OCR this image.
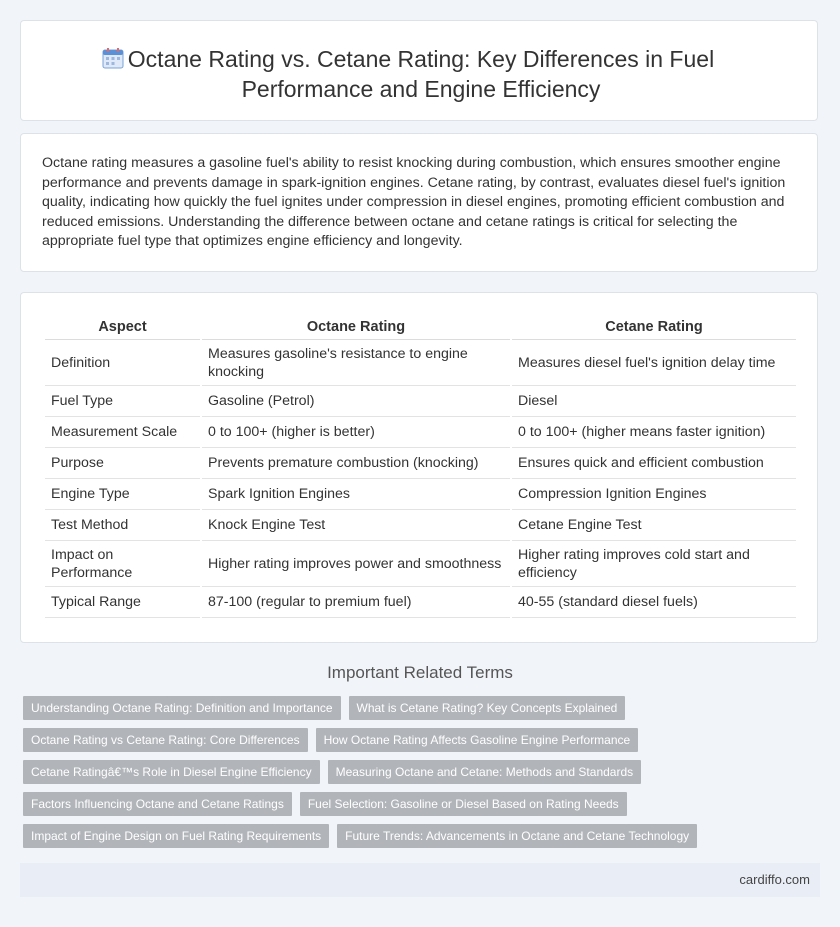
Octane Rating vs. Cetane Rating: Key Differences in Fuel Performance and Engine Efficiency

Octane rating measures a gasoline fuel's ability to resist knocking during combustion, which ensures smoother engine performance and prevents damage in spark-ignition engines. Cetane rating, by contrast, evaluates diesel fuel's ignition quality, indicating how quickly the fuel ignites under compression in diesel engines, promoting efficient combustion and reduced emissions. Understanding the difference between octane and cetane ratings is critical for selecting the appropriate fuel type that optimizes engine efficiency and longevity.

Aspect	Octane Rating	Cetane Rating
Definition	Measures gasoline's resistance to engine knocking	Measures diesel fuel's ignition delay time
Fuel Type	Gasoline (Petrol)	Diesel
Measurement Scale	0 to 100+ (higher is better)	0 to 100+ (higher means faster ignition)
Purpose	Prevents premature combustion (knocking)	Ensures quick and efficient combustion
Engine Type	Spark Ignition Engines	Compression Ignition Engines
Test Method	Knock Engine Test	Cetane Engine Test
Impact on Performance	Higher rating improves power and smoothness	Higher rating improves cold start and efficiency
Typical Range	87-100 (regular to premium fuel)	40-55 (standard diesel fuels)
Important Related Terms
Understanding Octane Rating: Definition and Importance	What is Cetane Rating? Key Concepts Explained
Octane Rating vs Cetane Rating: Core Differences	How Octane Rating Affects Gasoline Engine Performance
Cetane Ratingâ€™s Role in Diesel Engine Efficiency	Measuring Octane and Cetane: Methods and Standards
Factors Influencing Octane and Cetane Ratings	Fuel Selection: Gasoline or Diesel Based on Rating Needs
Impact of Engine Design on Fuel Rating Requirements	Future Trends: Advancements in Octane and Cetane Technology
cardiffo.com
